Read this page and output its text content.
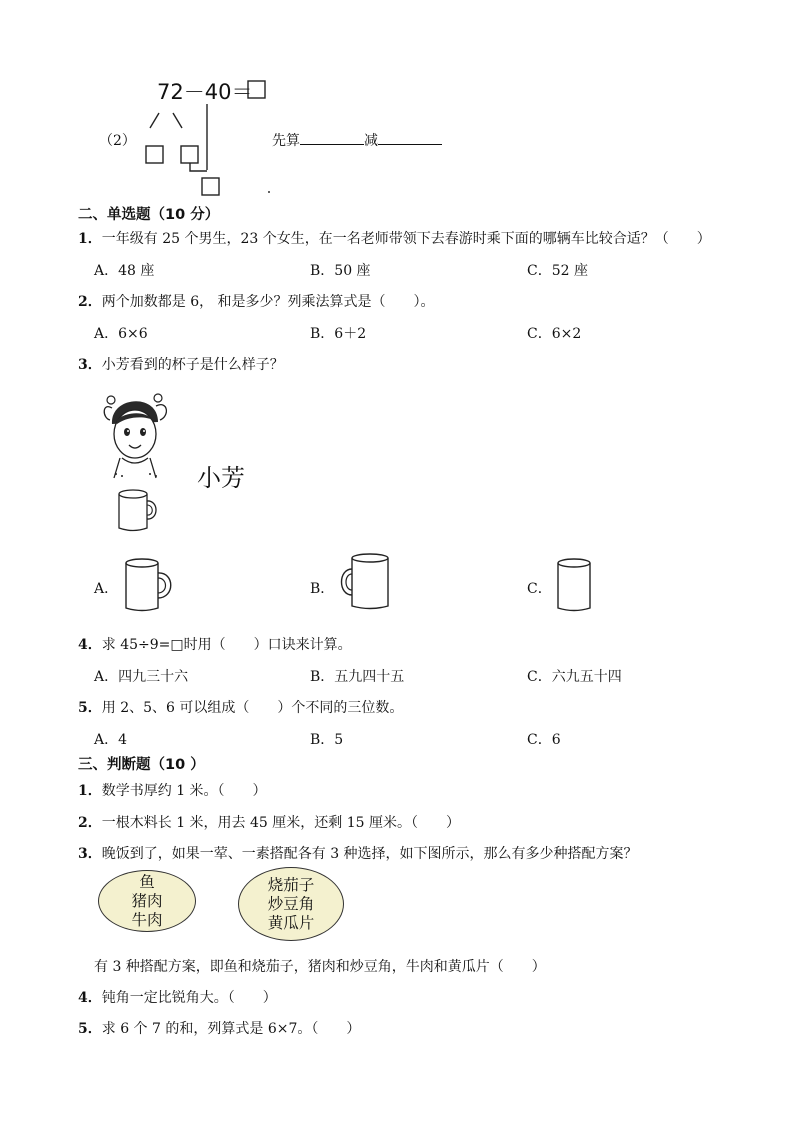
72－40＝
（2）	先算	减
二、单选题（10 分）
1．一年级有 25 个男生，23 个女生，在一名老师带领下去春游时乘下面的哪辆车比较合适？（　　）
A．48 座	B．50 座	C．52 座
2．两个加数都是 6， 和是多少？列乘法算式是（　　）。
A．6×6	B．6＋2	C．6×2
3．小芳看到的杯子是什么样子？
小芳
A．	B．	C．
4．求 45÷9=□时用（　　）口诀来计算。
A．四九三十六	B．五九四十五	C．六九五十四
5．用 2、5、6 可以组成（　　）个不同的三位数。
A．4	B．5	C．6
三、判断题（10 ）
1．数学书厚约 1 米。（　　）
2．一根木料长 1 米，用去 45 厘米，还剩 15 厘米。（　　）
3．晚饭到了，如果一荤、一素搭配各有 3 种选择，如下图所示，那么有多少种搭配方案？
鱼
猪肉
牛肉
烧茄子
炒豆角
黄瓜片
有 3 种搭配方案，即鱼和烧茄子，猪肉和炒豆角，牛肉和黄瓜片（　　）
4．钝角一定比锐角大。（　　）
5．求 6 个 7 的和，列算式是 6×7。（　　）
